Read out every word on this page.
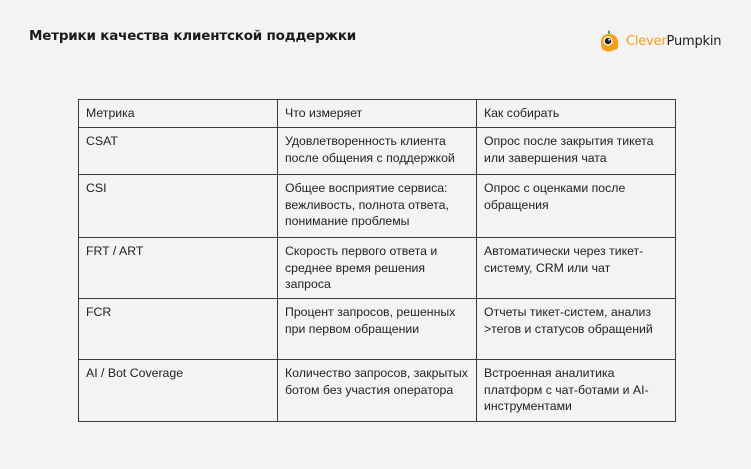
Метрики качества клиентской поддержки	CleverPumpkin
Метрика	Что измеряет	Как собирать
CSAT	Удовлетворенность клиента после общения с поддержкой	Опрос после закрытия тикета или завершения чата
CSI	Общее восприятие сервиса: вежливость, полнота ответа, понимание проблемы	Опрос с оценками после обращения
FRT / ART	Скорость первого ответа и среднее время решения запроса	Автоматически через тикет-систему, CRM или чат
FCR	Процент запросов, решенных при первом обращении	Отчеты тикет-систем, анализ >тегов и статусов обращений
AI / Bot Coverage	Количество запросов, закрытых ботом без участия оператора	Встроенная аналитика платформ с чат-ботами и AI-инструментами
